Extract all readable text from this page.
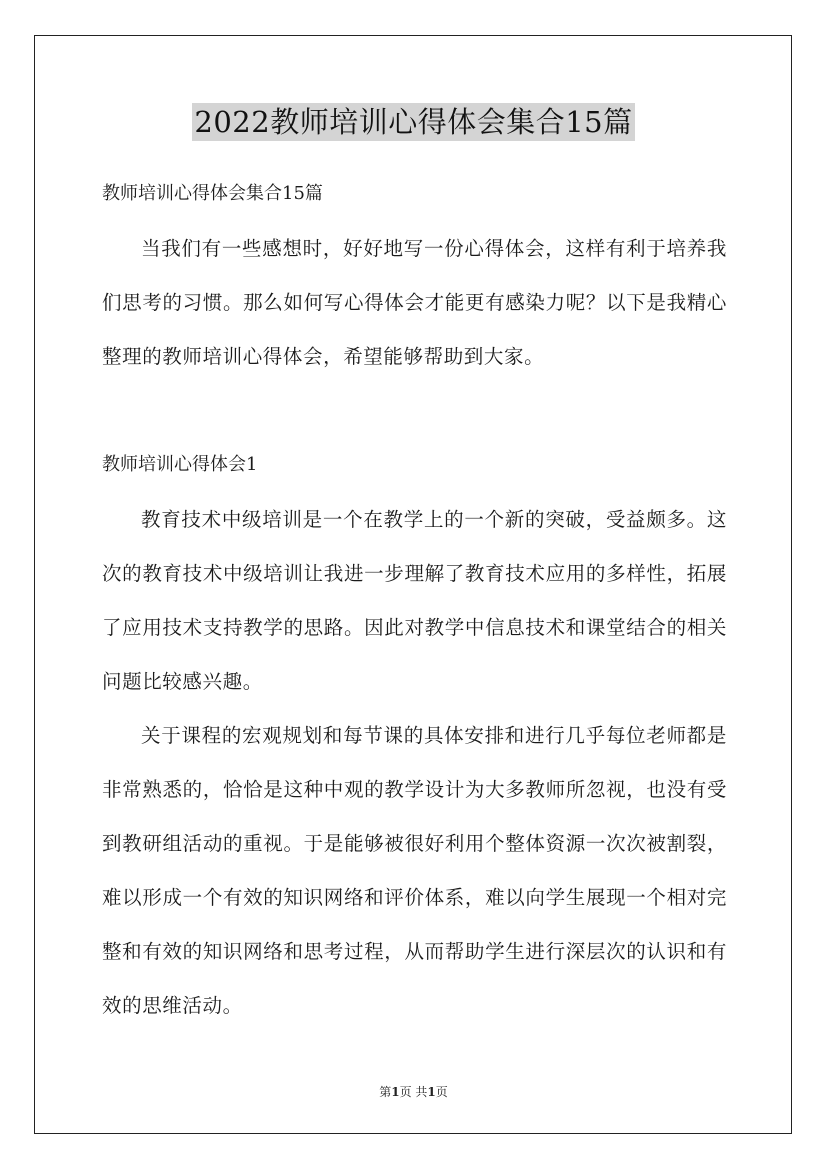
2022教师培训心得体会集合15篇
教师培训心得体会集合15篇

当我们有一些感想时，好好地写一份心得体会，这样有利于培养我们思考的习惯。那么如何写心得体会才能更有感染力呢？以下是我精心整理的教师培训心得体会，希望能够帮助到大家。

教师培训心得体会1

教育技术中级培训是一个在教学上的一个新的突破，受益颇多。这次的教育技术中级培训让我进一步理解了教育技术应用的多样性，拓展了应用技术支持教学的思路。因此对教学中信息技术和课堂结合的相关问题比较感兴趣。

关于课程的宏观规划和每节课的具体安排和进行几乎每位老师都是非常熟悉的，恰恰是这种中观的教学设计为大多教师所忽视，也没有受到教研组活动的重视。于是能够被很好利用个整体资源一次次被割裂，难以形成一个有效的知识网络和评价体系，难以向学生展现一个相对完整和有效的知识网络和思考过程，从而帮助学生进行深层次的认识和有效的思维活动。

第1页 共1页
